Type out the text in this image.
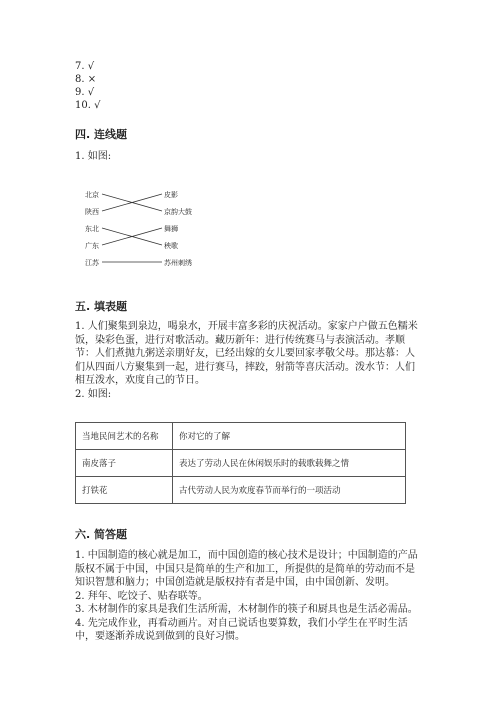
7. √
8. ×
9. √
10. √
四. 连线题
1. 如图:
北京
陕西
东北
广东
江苏
皮影
京韵大鼓
舞狮
秧歌
苏州刺绣
五. 填表题
1. 人们聚集到泉边，喝泉水，开展丰富多彩的庆祝活动。家家户户做五色糯米
饭，染彩色蛋，进行对歌活动。藏历新年：进行传统赛马与表演活动。孝顺
节：人们煮抛九粥送亲朋好友，已经出嫁的女儿要回家孝敬父母。那达慕：人
们从四面八方聚集到一起，进行赛马，摔跤，射箭等喜庆活动。泼水节：人们
相互泼水，欢度自己的节日。
2. 如图:
当地民间艺术的名称	你对它的了解
南皮落子	表达了劳动人民在休闲娱乐时的载歌载舞之情
打铁花	古代劳动人民为欢度春节而举行的一项活动
六. 简答题
1. 中国制造的核心就是加工，而中国创造的核心技术是设计；中国制造的产品
版权不属于中国，中国只是简单的生产和加工，所提供的是简单的劳动而不是
知识智慧和脑力；中国创造就是版权持有者是中国，由中国创新、发明。
2. 拜年、吃饺子、贴春联等。
3. 木材制作的家具是我们生活所需，木材制作的筷子和厨具也是生活必需品。
4. 先完成作业，再看动画片。对自己说话也要算数，我们小学生在平时生活
中，要逐渐养成说到做到的良好习惯。
